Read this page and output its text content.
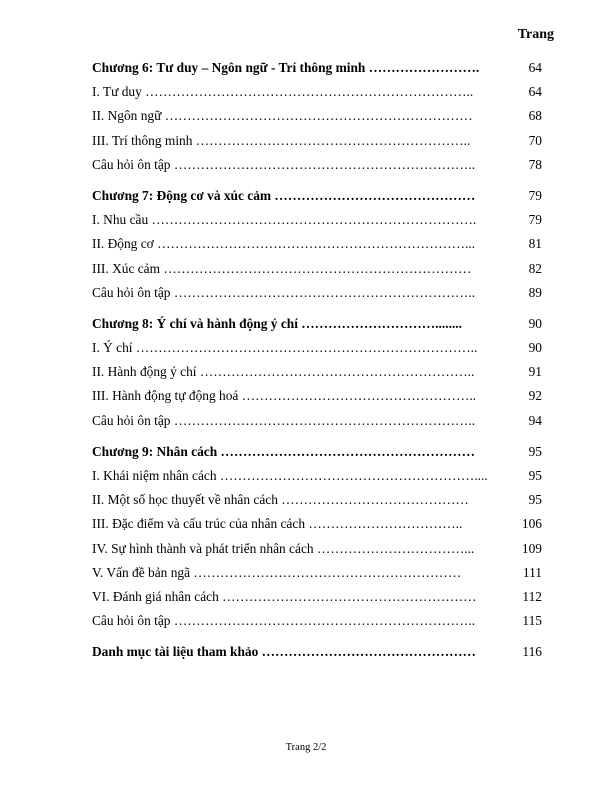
Trang
Chương 6: Tư duy – Ngôn ngữ - Trí thông minh …………………….	64
I. Tư duy ………………………………………………………………..	64
II. Ngôn ngữ ……………………………………………………………	68
III. Trí thông minh ……………………………………………………..	70
Câu hỏi ôn tập …………………………………………………………..	78
Chương 7: Động cơ và xúc cảm ………………………………………	79
I. Nhu cầu ……………………………………………………………….	79
II. Động cơ ……………………………………………………………...	81
III. Xúc cảm ……………………………………………………………	82
Câu hỏi ôn tập …………………………………………………………..	89
Chương 8: Ý chí và hành động ý chí …………………………........	90
I. Ý chí …………………………………………………………………..	90
II. Hành động ý chí ……………………………………………………..	91
III. Hành động tự động hoá ……………………………………………..	92
Câu hỏi ôn tập …………………………………………………………..	94
Chương 9: Nhân cách …………………………………………………	95
I. Khái niệm nhân cách …………………………………………………....	95
II. Một số học thuyết về nhân cách ……………………………………	95
III. Đặc điểm và cấu trúc của nhân cách ……………………………..	106
IV. Sự hình thành và phát triển nhân cách ……………………………...	109
V. Vấn đề bản ngã ……………………………………………………	111
VI. Đánh giá nhân cách …………………………………………………	112
Câu hỏi ôn tập …………………………………………………………..	115
Danh mục tài liệu tham khảo …………………………………………	116
Trang 2/2
